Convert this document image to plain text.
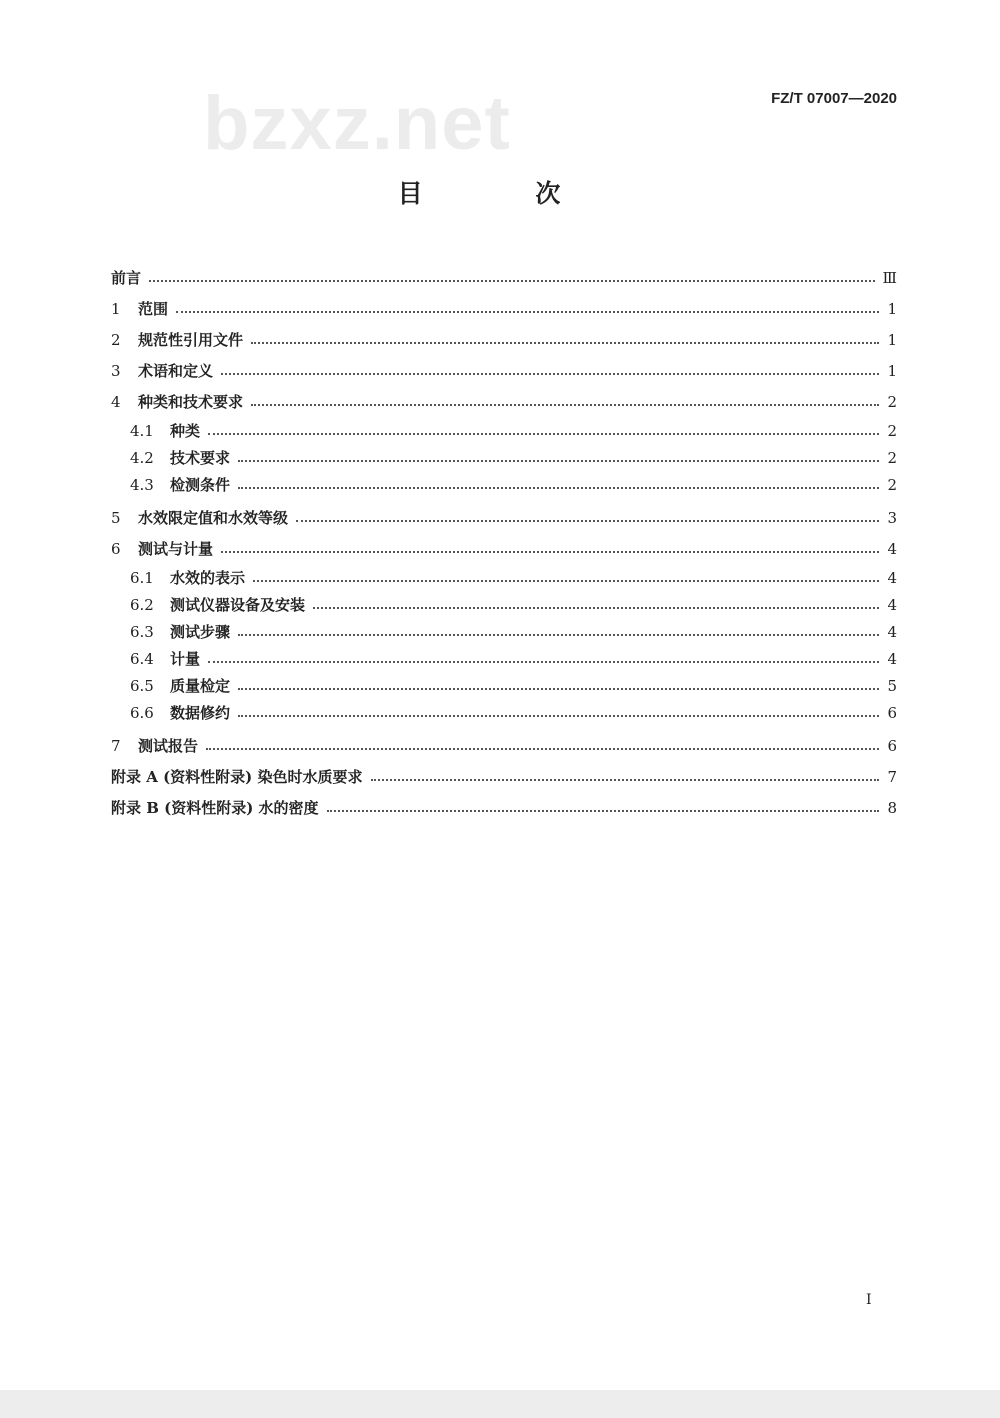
bzxz.net	FZ/T 07007—2020
目 次
前言	Ⅲ
1	范围	1
2	规范性引用文件	1
3	术语和定义	1
4	种类和技术要求	2
4.1	种类	2
4.2	技术要求	2
4.3	检测条件	2
5	水效限定值和水效等级	3
6	测试与计量	4
6.1	水效的表示	4
6.2	测试仪器设备及安装	4
6.3	测试步骤	4
6.4	计量	4
6.5	质量检定	5
6.6	数据修约	6
7	测试报告	6
附录 A (资料性附录) 染色时水质要求	7
附录 B (资料性附录) 水的密度	8
I
